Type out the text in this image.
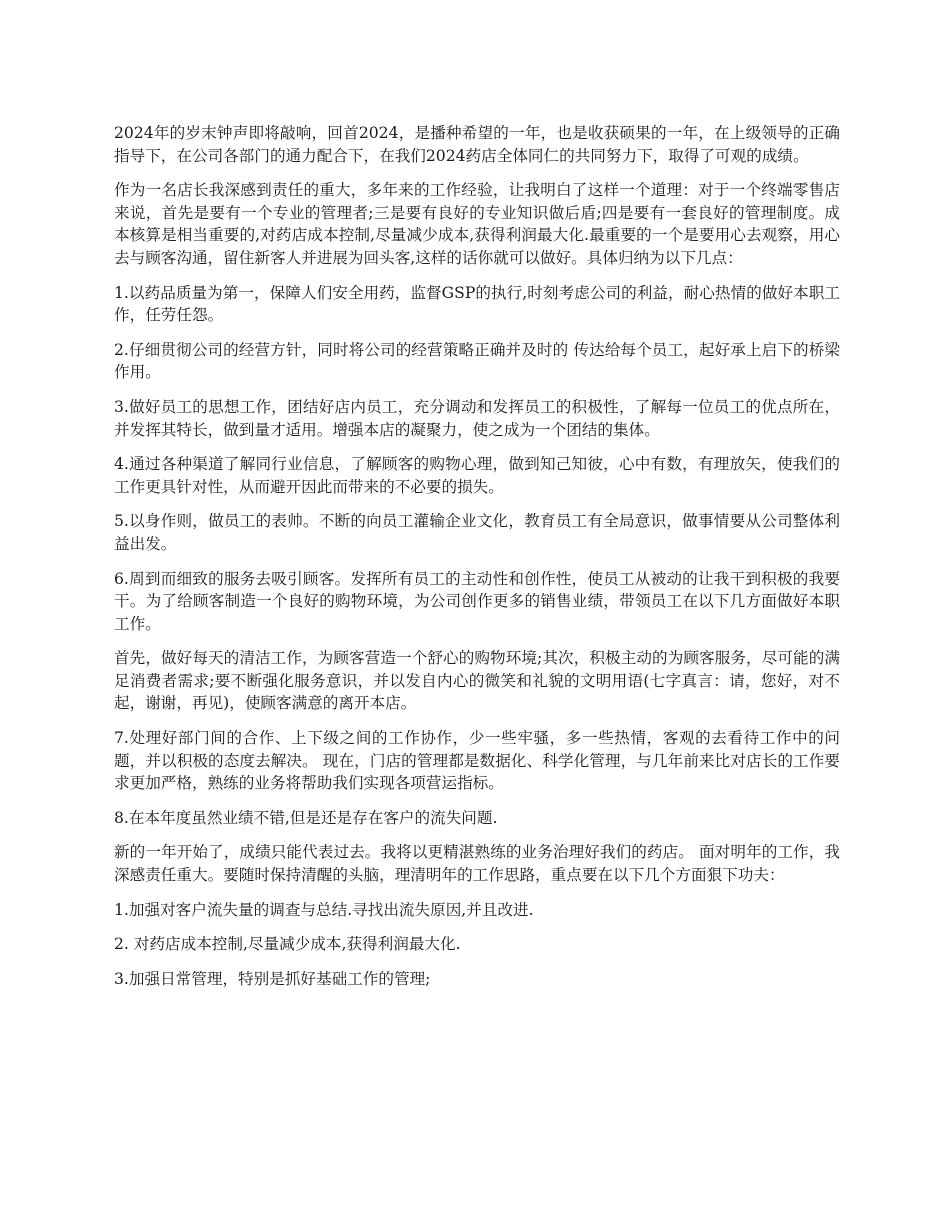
2024年的岁末钟声即将敲响，回首2024，是播种希望的一年，也是收获硕果的一年，在上级领导的正确指导下，在公司各部门的通力配合下，在我们2024药店全体同仁的共同努力下，取得了可观的成绩。

作为一名店长我深感到责任的重大，多年来的工作经验，让我明白了这样一个道理：对于一个终端零售店来说，首先是要有一个专业的管理者;三是要有良好的专业知识做后盾;四是要有一套良好的管理制度。成本核算是相当重要的,对药店成本控制,尽量减少成本,获得利润最大化.最重要的一个是要用心去观察，用心去与顾客沟通，留住新客人并进展为回头客,这样的话你就可以做好。具体归纳为以下几点：

1.以药品质量为第一，保障人们安全用药，监督GSP的执行,时刻考虑公司的利益，耐心热情的做好本职工作，任劳任怨。

2.仔细贯彻公司的经营方针，同时将公司的经营策略正确并及时的 传达给每个员工，起好承上启下的桥梁作用。

3.做好员工的思想工作，团结好店内员工，充分调动和发挥员工的积极性，了解每一位员工的优点所在，并发挥其特长，做到量才适用。增强本店的凝聚力，使之成为一个团结的集体。

4.通过各种渠道了解同行业信息，了解顾客的购物心理，做到知己知彼，心中有数，有理放矢，使我们的工作更具针对性，从而避开因此而带来的不必要的损失。

5.以身作则，做员工的表帅。不断的向员工灌输企业文化，教育员工有全局意识，做事情要从公司整体利益出发。

6.周到而细致的服务去吸引顾客。发挥所有员工的主动性和创作性，使员工从被动的让我干到积极的我要干。为了给顾客制造一个良好的购物环境，为公司创作更多的销售业绩，带领员工在以下几方面做好本职工作。

首先，做好每天的清洁工作，为顾客营造一个舒心的购物环境;其次，积极主动的为顾客服务，尽可能的满足消费者需求;要不断强化服务意识，并以发自内心的微笑和礼貌的文明用语(七字真言：请，您好，对不起，谢谢，再见)，使顾客满意的离开本店。

7.处理好部门间的合作、上下级之间的工作协作，少一些牢骚，多一些热情，客观的去看待工作中的问题，并以积极的态度去解决。 现在，门店的管理都是数据化、科学化管理，与几年前来比对店长的工作要求更加严格，熟练的业务将帮助我们实现各项营运指标。

8.在本年度虽然业绩不错,但是还是存在客户的流失问题.

新的一年开始了，成绩只能代表过去。我将以更精湛熟练的业务治理好我们的药店。 面对明年的工作，我深感责任重大。要随时保持清醒的头脑，理清明年的工作思路，重点要在以下几个方面狠下功夫：

1.加强对客户流失量的调查与总结.寻找出流失原因,并且改进.

2. 对药店成本控制,尽量减少成本,获得利润最大化.

3.加强日常管理，特别是抓好基础工作的管理;
